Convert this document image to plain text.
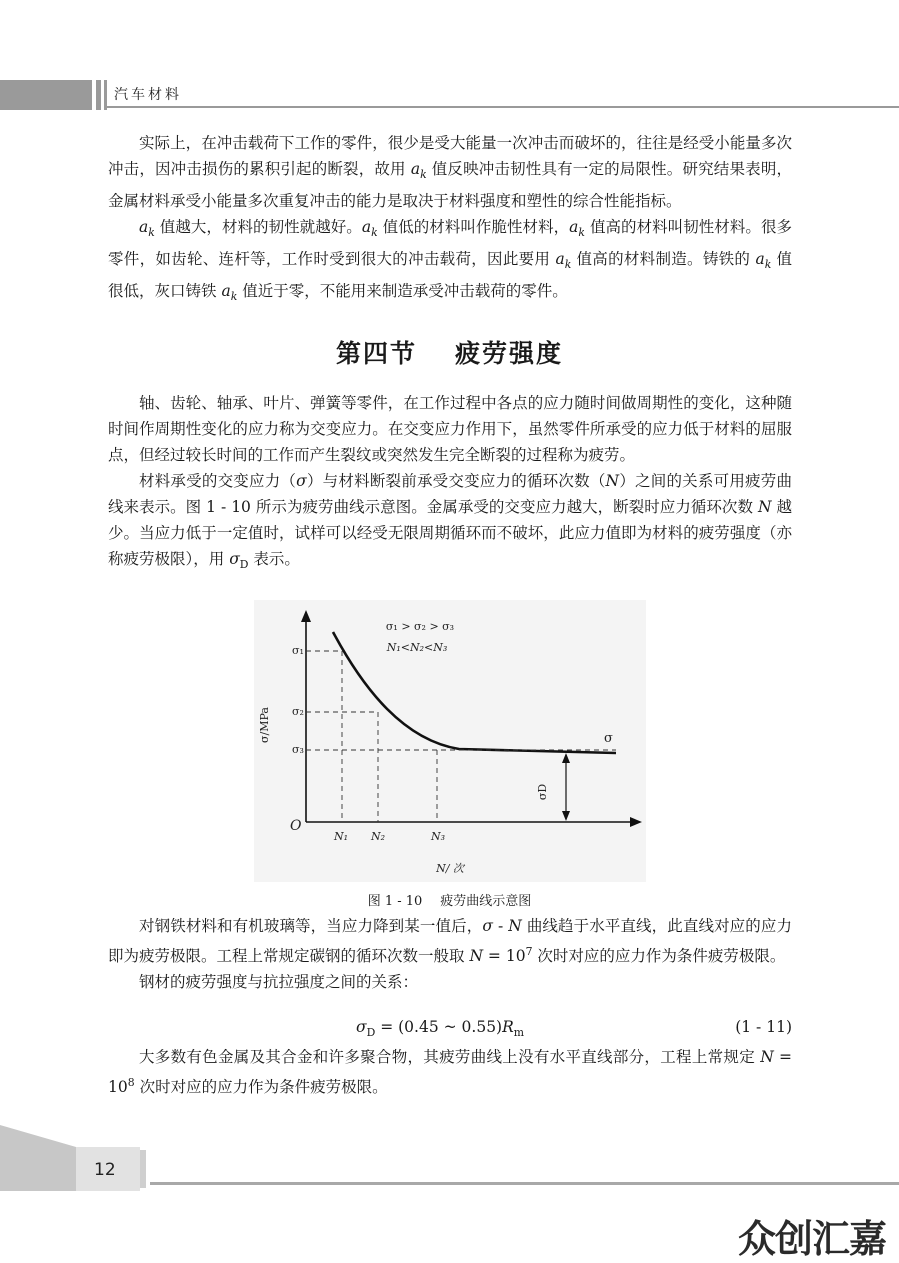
汽车材料

实际上，在冲击载荷下工作的零件，很少是受大能量一次冲击而破坏的，往往是经受小能量多次冲击，因冲击损伤的累积引起的断裂，故用 $a_k$ 值反映冲击韧性具有一定的局限性。研究结果表明，金属材料承受小能量多次重复冲击的能力是取决于材料强度和塑性的综合性能指标。

$a_k$ 值越大，材料的韧性就越好。$a_k$ 值低的材料叫作脆性材料，$a_k$ 值高的材料叫韧性材料。很多零件，如齿轮、连杆等，工作时受到很大的冲击载荷，因此要用 $a_k$ 值高的材料制造。铸铁的 $a_k$ 值很低，灰口铸铁 $a_k$ 值近于零，不能用来制造承受冲击载荷的零件。

第四节 疲劳强度

轴、齿轮、轴承、叶片、弹簧等零件，在工作过程中各点的应力随时间做周期性的变化，这种随时间作周期性变化的应力称为交变应力。在交变应力作用下，虽然零件所承受的应力低于材料的屈服点，但经过较长时间的工作而产生裂纹或突然发生完全断裂的过程称为疲劳。

材料承受的交变应力（σ）与材料断裂前承受交变应力的循环次数（N）之间的关系可用疲劳曲线来表示。图 1 - 10 所示为疲劳曲线示意图。金属承受的交变应力越大，断裂时应力循环次数 N 越少。当应力低于一定值时，试样可以经受无限周期循环而不破坏，此应力值即为材料的疲劳强度（亦称疲劳极限），用 $\sigma_D$ 表示。

σ₁ > σ₂ > σ₃
N₁<N₂<N₃
σ₁
σ₂
σ₃
N₁ N₂	N₃
O
σ
N/ 次
σ/MPa
σD
图 1 - 10 疲劳曲线示意图

对钢铁材料和有机玻璃等，当应力降到某一值后，σ - N 曲线趋于水平直线，此直线对应的应力即为疲劳极限。工程上常规定碳钢的循环次数一般取 $N = 10^7$ 次时对应的应力作为条件疲劳极限。

钢材的疲劳强度与抗拉强度之间的关系：

$\sigma_D = (0.45$ ~ $0.55)R_m$	(1 - 11)

大多数有色金属及其合金和许多聚合物，其疲劳曲线上没有水平直线部分，工程上常规定 $N = 10^8$ 次时对应的应力作为条件疲劳极限。

12
众创汇嘉
